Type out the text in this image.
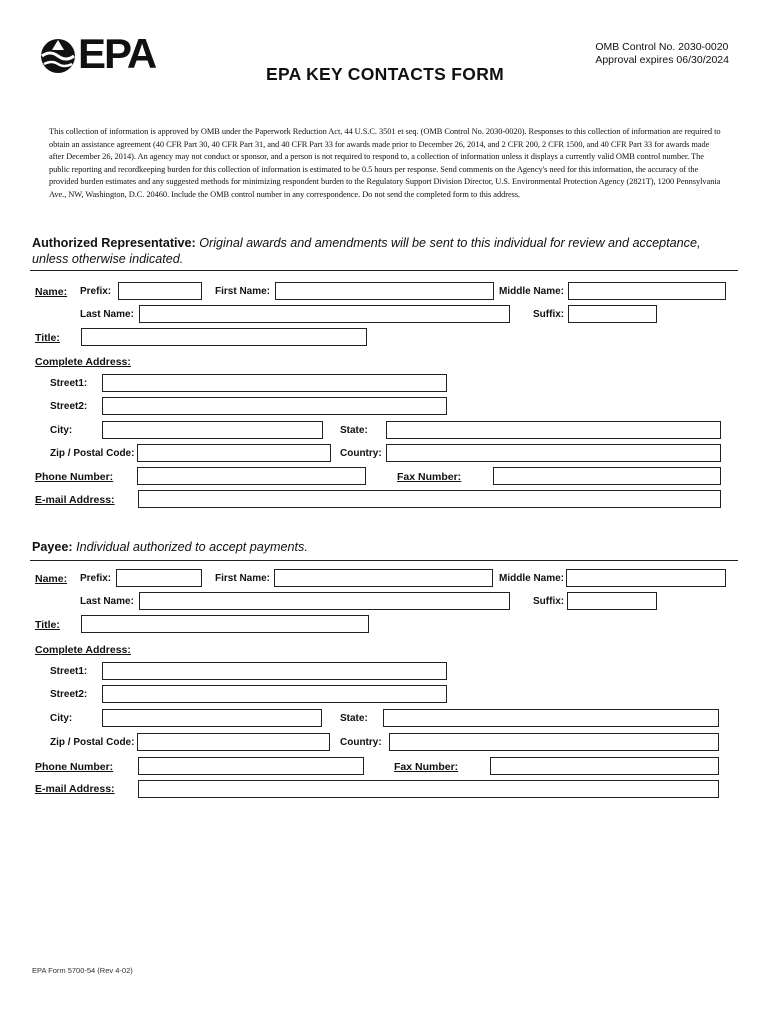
EPA	OMB Control No. 2030-0020
Approval expires 06/30/2024
EPA KEY CONTACTS FORM
This collection of information is approved by OMB under the Paperwork Reduction Act, 44 U.S.C. 3501 et seq. (OMB Control No. 2030-0020). Responses to this collection of information are required to obtain an assistance agreement (40 CFR Part 30, 40 CFR Part 31, and 40 CFR Part 33 for awards made prior to December 26, 2014, and 2 CFR 200, 2 CFR 1500, and 40 CFR Part 33 for awards made after December 26, 2014). An agency may not conduct or sponsor, and a person is not required to respond to, a collection of information unless it displays a currently valid OMB control number. The public reporting and recordkeeping burden for this collection of information is estimated to be 0.5 hours per response. Send comments on the Agency's need for this information, the accuracy of the provided burden estimates and any suggested methods for minimizing respondent burden to the Regulatory Support Division Director, U.S. Environmental Protection Agency (2821T), 1200 Pennsylvania Ave., NW, Washington, D.C. 20460. Include the OMB control number in any correspondence. Do not send the completed form to this address.
Authorized Representative: Original awards and amendments will be sent to this individual for review and acceptance, unless otherwise indicated.
Name: Prefix:	First Name:	Middle Name:
Last Name:	Suffix:
Title:
Complete Address:
Street1:
Street2:
City:	State:
Zip / Postal Code:	Country:
Phone Number:	Fax Number:
E-mail Address:
Payee: Individual authorized to accept payments.
Name: Prefix:	First Name:	Middle Name:
Last Name:	Suffix:
Title:
Complete Address:
Street1:
Street2:
City:	State:
Zip / Postal Code:	Country:
Phone Number:	Fax Number:
E-mail Address:
EPA Form 5700-54 (Rev 4-02)
